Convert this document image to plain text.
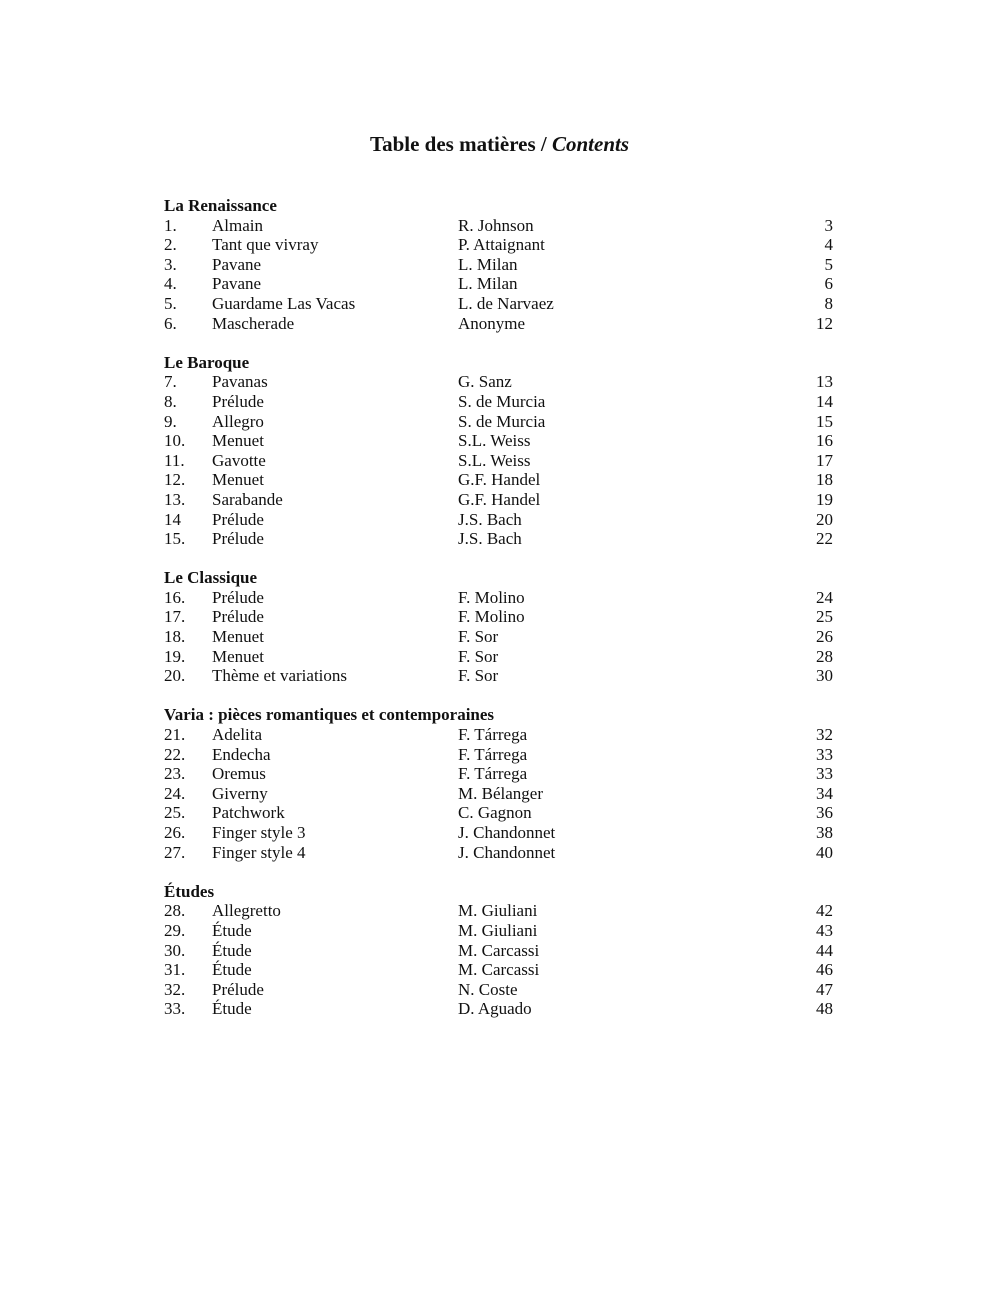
Table des matières / Contents
La Renaissance
1. Almain	R. Johnson	3
2. Tant que vivray	P. Attaignant	4
3. Pavane	L. Milan	5
4. Pavane	L. Milan	6
5. Guardame Las Vacas	L. de Narvaez	8
6. Mascherade	Anonyme	12
Le Baroque
7. Pavanas	G. Sanz	13
8. Prélude	S. de Murcia	14
9. Allegro	S. de Murcia	15
10. Menuet	S.L. Weiss	16
11. Gavotte	S.L. Weiss	17
12. Menuet	G.F. Handel	18
13. Sarabande	G.F. Handel	19
14 Prélude	J.S. Bach	20
15. Prélude	J.S. Bach	22
Le Classique
16. Prélude	F. Molino	24
17. Prélude	F. Molino	25
18. Menuet	F. Sor	26
19. Menuet	F. Sor	28
20. Thème et variations	F. Sor	30
Varia : pièces romantiques et contemporaines
21. Adelita	F. Tárrega	32
22. Endecha	F. Tárrega	33
23. Oremus	F. Tárrega	33
24. Giverny	M. Bélanger	34
25. Patchwork	C. Gagnon	36
26. Finger style 3	J. Chandonnet	38
27. Finger style 4	J. Chandonnet	40
Études
28. Allegretto	M. Giuliani	42
29. Étude	M. Giuliani	43
30. Étude	M. Carcassi	44
31. Étude	M. Carcassi	46
32. Prélude	N. Coste	47
33. Étude	D. Aguado	48
